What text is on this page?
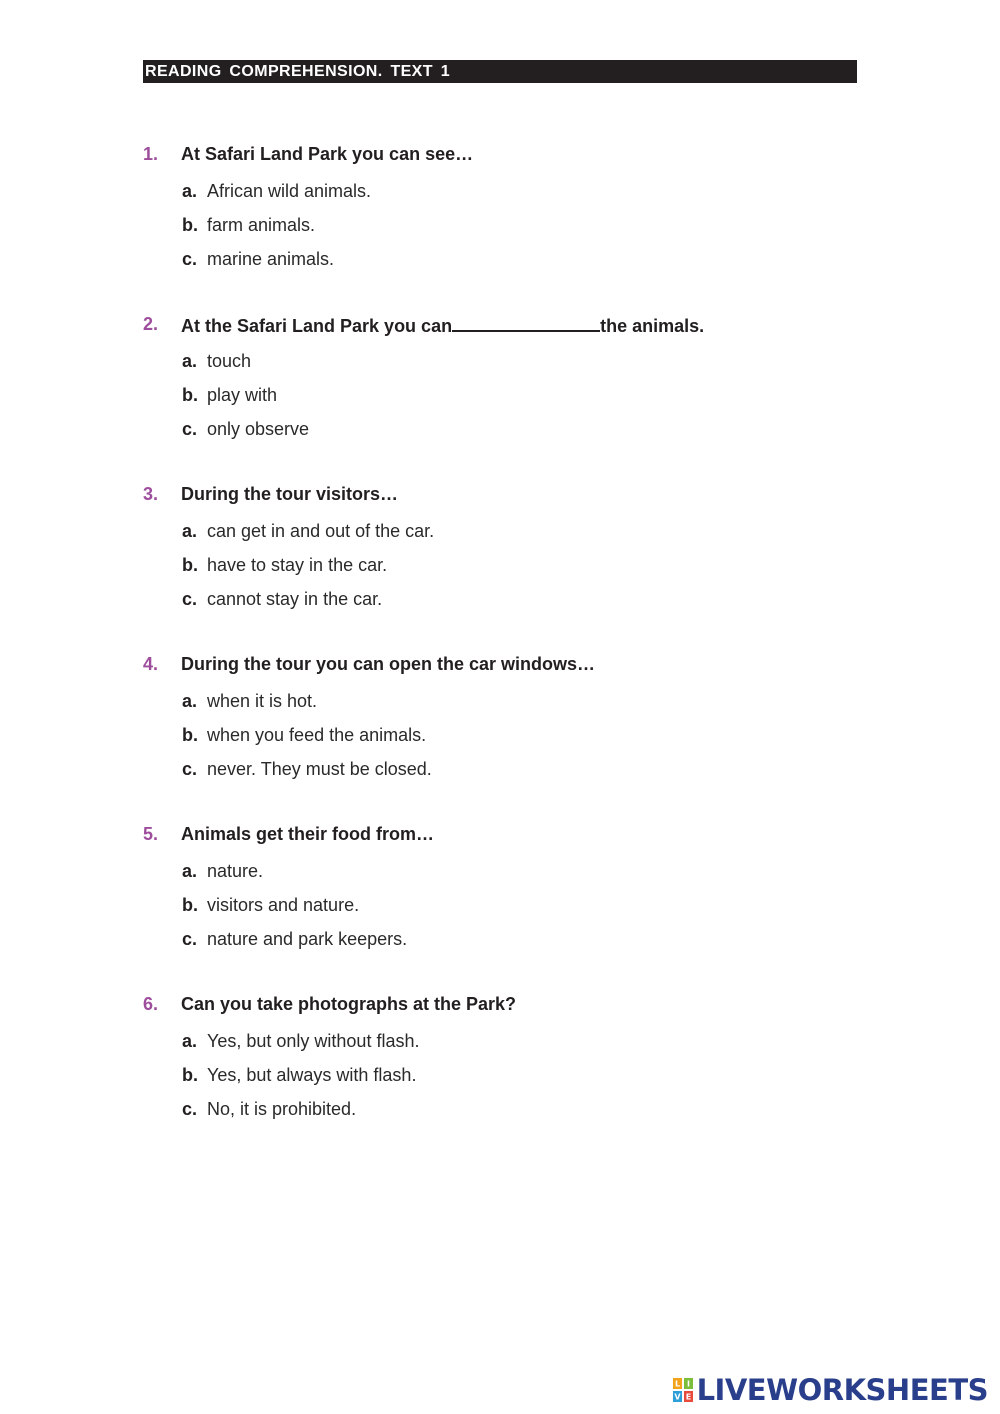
READING COMPREHENSION. TEXT 1
1. At Safari Land Park you can see…
a. African wild animals.
b. farm animals.
c. marine animals.
2. At the Safari Land Park you can	the animals.
a. touch
b. play with
c. only observe
3. During the tour visitors…
a. can get in and out of the car.
b. have to stay in the car.
c. cannot stay in the car.
4. During the tour you can open the car windows…
a. when it is hot.
b. when you feed the animals.
c. never. They must be closed.
5. Animals get their food from…
a. nature.
b. visitors and nature.
c. nature and park keepers.
6. Can you take photographs at the Park?
a. Yes, but only without flash.
b. Yes, but always with flash.
c. No, it is prohibited.
L I
V E LIVEWORKSHEETS
